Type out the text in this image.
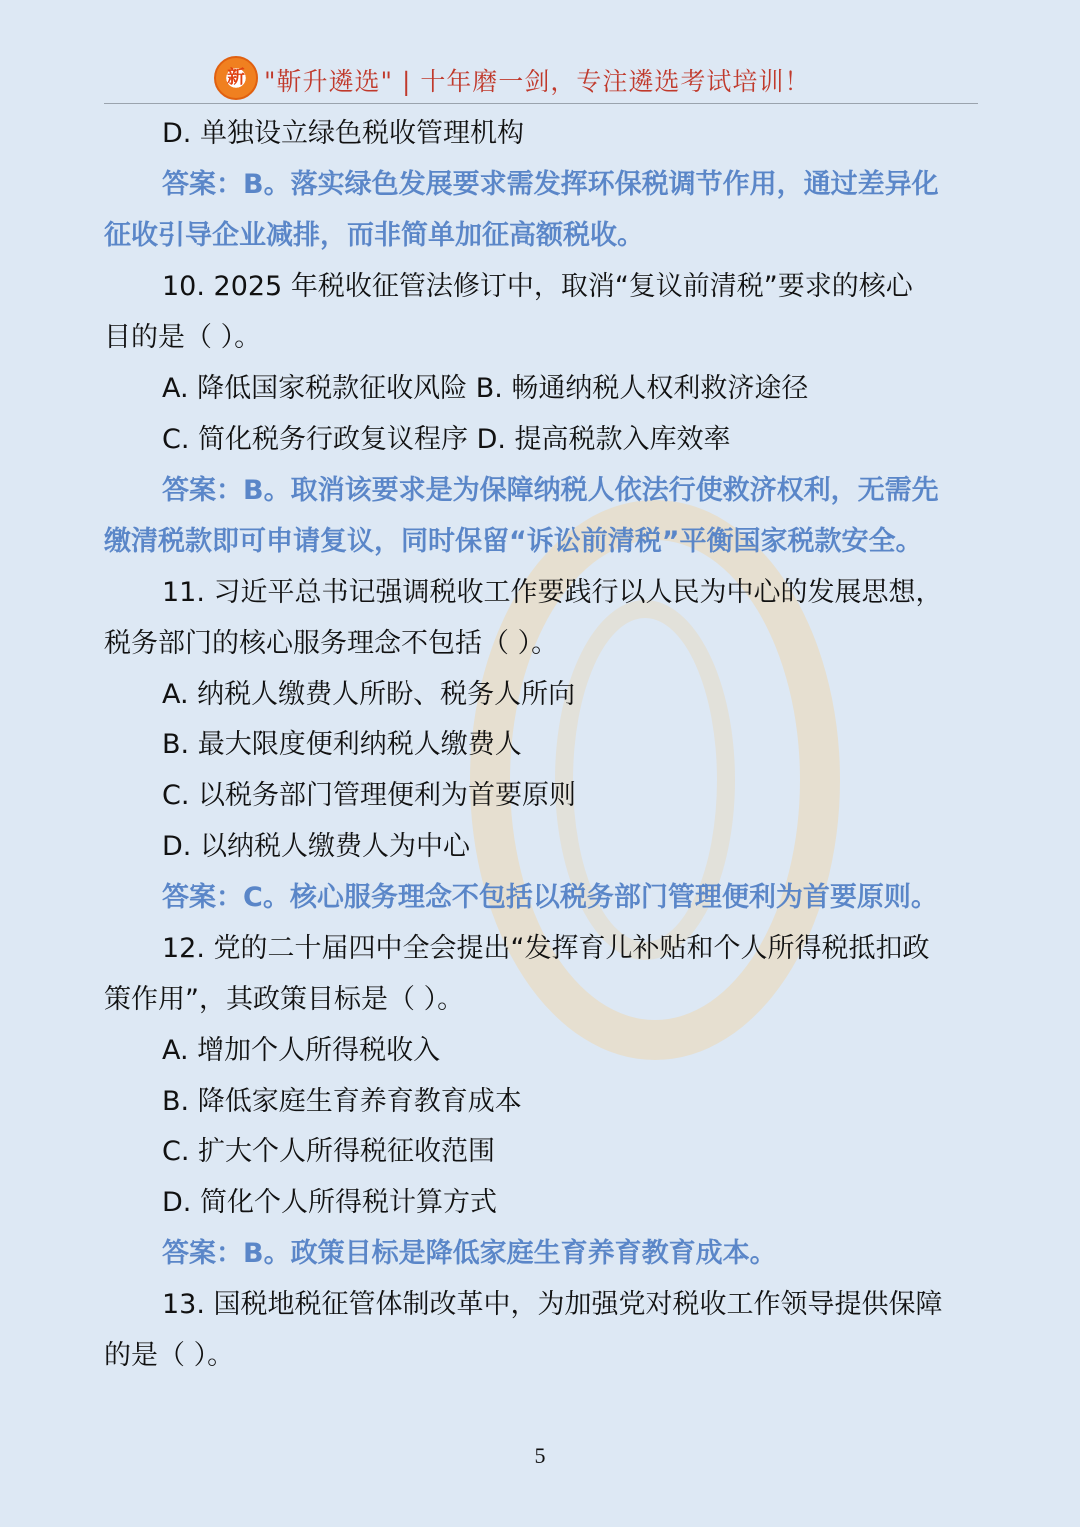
新 "靳升遴选" | 十年磨一剑，专注遴选考试培训！
D. 单独设立绿色税收管理机构
答案：B。落实绿色发展要求需发挥环保税调节作用，通过差异化
征收引导企业减排，而非简单加征高额税收。
10. 2025 年税收征管法修订中，取消“复议前清税”要求的核心
目的是（ ）。
A. 降低国家税款征收风险 B. 畅通纳税人权利救济途径
C. 简化税务行政复议程序 D. 提高税款入库效率
答案：B。取消该要求是为保障纳税人依法行使救济权利，无需先
缴清税款即可申请复议，同时保留“诉讼前清税”平衡国家税款安全。
11. 习近平总书记强调税收工作要践行以人民为中心的发展思想，
税务部门的核心服务理念不包括（ ）。
A. 纳税人缴费人所盼、税务人所向
B. 最大限度便利纳税人缴费人
C. 以税务部门管理便利为首要原则
D. 以纳税人缴费人为中心
答案：C。核心服务理念不包括以税务部门管理便利为首要原则。
12. 党的二十届四中全会提出“发挥育儿补贴和个人所得税抵扣政
策作用”，其政策目标是（ ）。
A. 增加个人所得税收入
B. 降低家庭生育养育教育成本
C. 扩大个人所得税征收范围
D. 简化个人所得税计算方式
答案：B。政策目标是降低家庭生育养育教育成本。
13. 国税地税征管体制改革中，为加强党对税收工作领导提供保障
的是（ ）。
5
